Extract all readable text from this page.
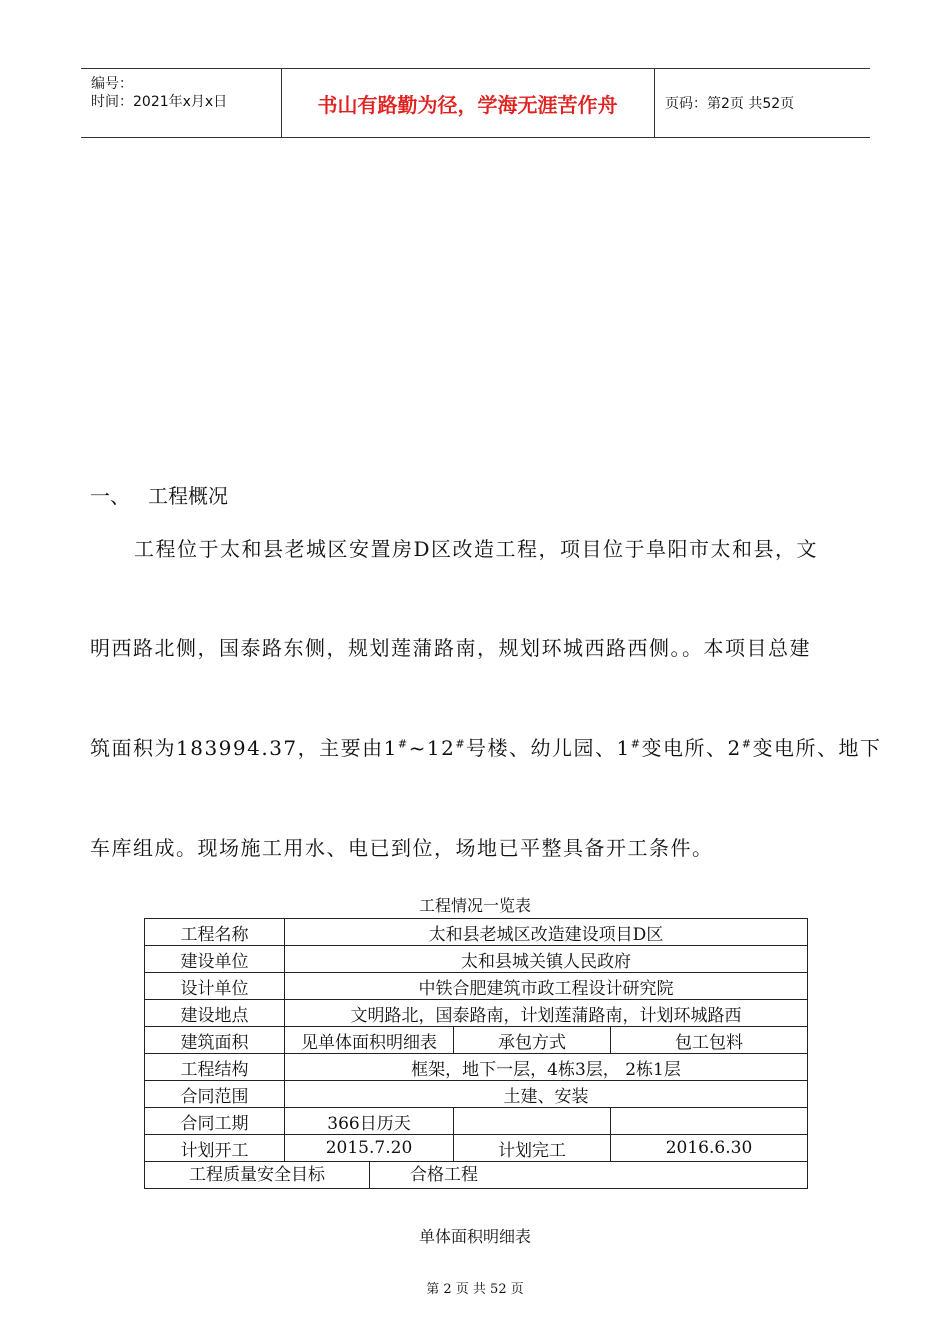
编号：
时间：2021年x月x日	书山有路勤为径，学海无涯苦作舟	页码：第2页 共52页
一、 工程概况
工程位于太和县老城区安置房D区改造工程，项目位于阜阳市太和县，文
明西路北侧，国泰路东侧，规划莲蒲路南，规划环城西路西侧。。本项目总建
筑面积为183994.37，主要由1#~12#号楼、幼儿园、1#变电所、2#变电所、地下
车库组成。现场施工用水、电已到位，场地已平整具备开工条件。
工程情况一览表
工程名称	太和县老城区改造建设项目D区		
建设单位	太和县城关镇人民政府		
设计单位	中铁合肥建筑市政工程设计研究院		
建设地点	文明路北，国泰路南，计划莲蒲路南，计划环城路西		
建筑面积	见单体面积明细表	承包方式	包工包料
工程结构	框架，地下一层，4栋3层， 2栋1层		
合同范围	土建、安装		
合同工期	366日历天		
计划开工	2015.7.20	计划完工	2016.6.30

工程质量安全目标 合格工程			
单体面积明细表
第 2 页 共 52 页
